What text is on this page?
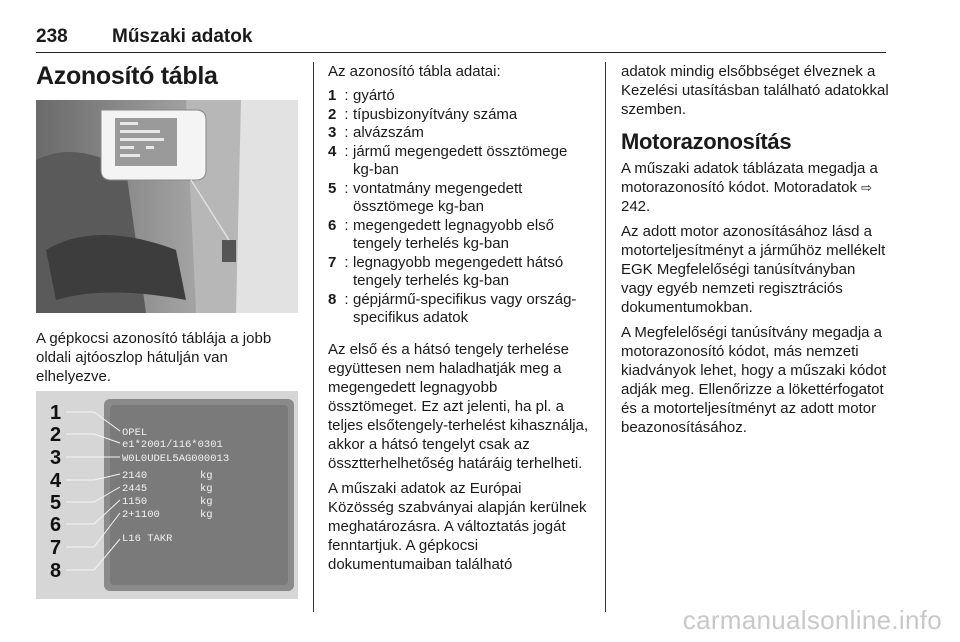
238 Műszaki adatok
Azonosító tábla

A gépkocsi azonosító táblája a jobb oldali ajtóoszlop hátulján van elhelyezve.

1
2
3
4
5
6
7
8
OPEL
e1*2001/116*0301
W0L0UDEL5AG000013
2140
2445
1150
2+1100
kg
kg
kg
kg
L16 TAKR

Az azonosító tábla adatai:

1 : gyártó
2 : típusbizonyítvány száma
3 : alvázszám
4 : jármű megengedett össztömege kg-ban
5 : vontatmány megengedett össztömege kg-ban
6 : megengedett legnagyobb első tengely terhelés kg-ban
7 : legnagyobb megengedett hátsó tengely terhelés kg-ban
8 : gépjármű-specifikus vagy ország-specifikus adatok

Az első és a hátsó tengely terhelése együttesen nem haladhatják meg a megengedett legnagyobb össztömeget. Ez azt jelenti, ha pl. a teljes elsőtengely-terhelést kihasználja, akkor a hátsó tengelyt csak az össztterhelhetőség határáig terhelheti.

A műszaki adatok az Európai Közösség szabványai alapján kerülnek meghatározásra. A változtatás jogát fenntartjuk. A gépkocsi dokumentumaiban található

adatok mindig elsőbbséget élveznek a Kezelési utasításban található adatokkal szemben.

Motorazonosítás

A műszaki adatok táblázata megadja a motorazonosító kódot. Motoradatok ⇨ 242.

Az adott motor azonosításához lásd a motorteljesítményt a járműhöz mellékelt EGK Megfelelőségi tanúsítványban vagy egyéb nemzeti regisztrációs dokumentumokban.

A Megfelelőségi tanúsítvány megadja a motorazonosító kódot, más nemzeti kiadványok lehet, hogy a műszaki kódot adják meg. Ellenőrizze a lökettérfogatot és a motorteljesítményt az adott motor beazonosításához.

carmanualsonline.info
